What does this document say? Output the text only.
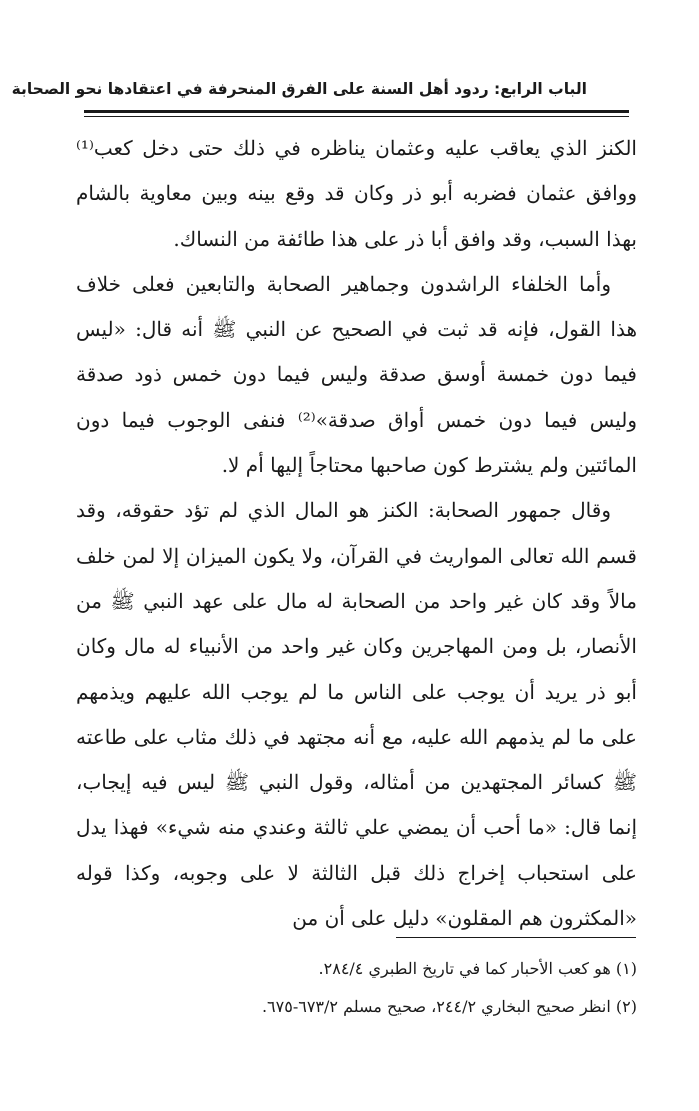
الباب الرابع: ردود أهل السنة على الفرق المنحرفة في اعتقادها نحو الصحابة

الكنز الذي يعاقب عليه وعثمان يناظره في ذلك حتى دخل كعب⁽¹⁾ ووافق عثمان فضربه أبو ذر وكان قد وقع بينه وبين معاوية بالشام بهذا السبب، وقد وافق أبا ذر على هذا طائفة من النساك.

وأما الخلفاء الراشدون وجماهير الصحابة والتابعين فعلى خلاف هذا القول، فإنه قد ثبت في الصحيح عن النبي ﷺ أنه قال: «ليس فيما دون خمسة أوسق صدقة وليس فيما دون خمس ذود صدقة وليس فيما دون خمس أواق صدقة»⁽²⁾ فنفى الوجوب فيما دون المائتين ولم يشترط كون صاحبها محتاجاً إليها أم لا.

وقال جمهور الصحابة: الكنز هو المال الذي لم تؤد حقوقه، وقد قسم الله تعالى المواريث في القرآن، ولا يكون الميزان إلا لمن خلف مالاً وقد كان غير واحد من الصحابة له مال على عهد النبي ﷺ من الأنصار، بل ومن المهاجرين وكان غير واحد من الأنبياء له مال وكان أبو ذر يريد أن يوجب على الناس ما لم يوجب الله عليهم ويذمهم على ما لم يذمهم الله عليه، مع أنه مجتهد في ذلك مثاب على طاعته ﷺ كسائر المجتهدين من أمثاله، وقول النبي ﷺ ليس فيه إيجاب، إنما قال: «ما أحب أن يمضي علي ثالثة وعندي منه شيء» فهذا يدل على استحباب إخراج ذلك قبل الثالثة لا على وجوبه، وكذا قوله «المكثرون هم المقلون» دليل على أن من

(١) هو كعب الأحبار كما في تاريخ الطبري ٢٨٤/٤.

(٢) انظر صحيح البخاري ٢٤٤/٢، صحيح مسلم ٦٧٣/٢-٦٧٥.
